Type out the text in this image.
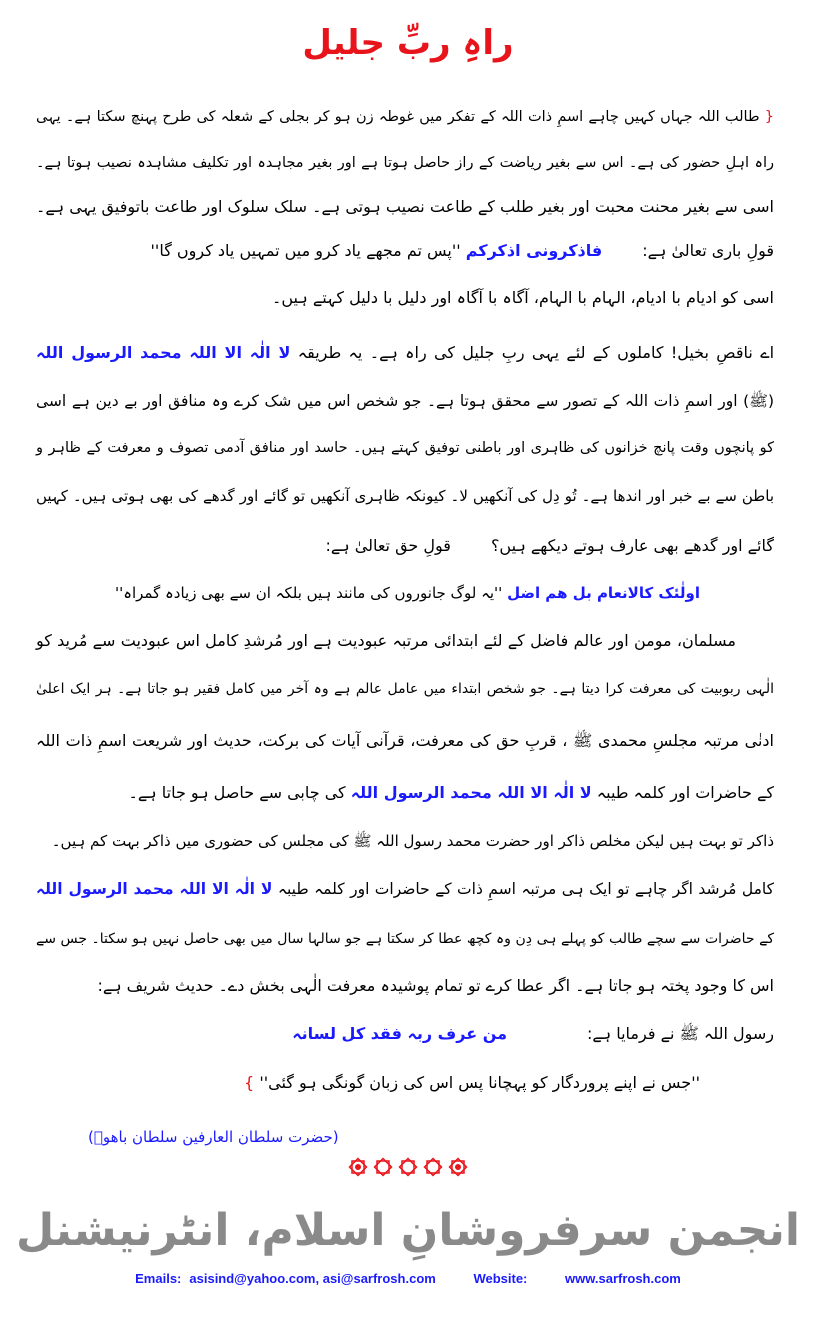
راہِ ربِّ جلیل
{ طالب اللہ جہاں کہیں چاہے اسمِ ذات اللہ کے تفکر میں غوطہ زن ہو کر بجلی کے شعلہ کی طرح پہنچ سکتا ہے۔ یہی
راہ اہلِ حضور کی ہے۔ اس سے بغیر ریاضت کے راز حاصل ہوتا ہے اور بغیر مجاہدہ اور تکلیف مشاہدہ نصیب ہوتا ہے۔
اسی سے بغیر محنت محبت اور بغیر طلب کے طاعت نصیب ہوتی ہے۔ سلک سلوک اور طاعت باتوفیق یہی ہے۔
قولِ باری تعالیٰ ہے:فاذکرونی اذکرکم ''پس تم مجھے یاد کرو میں تمہیں یاد کروں گا''
اسی کو ادیام با ادیام، الہام با الہام، آگاہ با آگاہ اور دلیل با دلیل کہتے ہیں۔
اے ناقصِ بخیل! کاملوں کے لئے یہی ربِ جلیل کی راہ ہے۔ یہ طریقہ لا الٰہ الا اللہ محمد الرسول اللہ
(ﷺ) اور اسمِ ذات اللہ کے تصور سے محقق ہوتا ہے۔ جو شخص اس میں شک کرے وہ منافق اور بے دین ہے اسی
کو پانچوں وقت پانچ خزانوں کی ظاہری اور باطنی توفیق کہتے ہیں۔ حاسد اور منافق آدمی تصوف و معرفت کے ظاہر و
باطن سے بے خبر اور اندھا ہے۔ تُو دِل کی آنکھیں لا۔ کیونکہ ظاہری آنکھیں تو گائے اور گدھے کی بھی ہوتی ہیں۔ کہیں
گائے اور گدھے بھی عارف ہوتے دیکھے ہیں؟قولِ حق تعالیٰ ہے:
اولٰئک کالانعام بل ھم اضل ''یہ لوگ جانوروں کی مانند ہیں بلکہ ان سے بھی زیادہ گمراہ''
مسلمان، مومن اور عالم فاضل کے لئے ابتدائی مرتبہ عبودیت ہے اور مُرشدِ کامل اس عبودیت سے مُرید کو
الٰہی ربوبیت کی معرفت کرا دیتا ہے۔ جو شخص ابتداء میں عامل عالم ہے وہ آخر میں کامل فقیر ہو جاتا ہے۔ ہر ایک اعلیٰ
ادنٰی مرتبہ مجلسِ محمدی ﷺ ، قربِ حق کی معرفت، قرآنی آیات کی برکت، حدیث اور شریعت اسمِ ذات اللہ
کے حاضرات اور کلمہ طیبہ لا الٰہ الا اللہ محمد الرسول اللہ کی چابی سے حاصل ہو جاتا ہے۔
ذاکر تو بہت ہیں لیکن مخلص ذاکر اور حضرت محمد رسول اللہ ﷺ کی مجلس کی حضوری میں ذاکر بہت کم ہیں۔
کامل مُرشد اگر چاہے تو ایک ہی مرتبہ اسمِ ذات کے حاضرات اور کلمہ طیبہ لا الٰہ الا اللہ محمد الرسول اللہ
کے حاضرات سے سچے طالب کو پہلے ہی دِن وہ کچھ عطا کر سکتا ہے جو سالہا سال میں بھی حاصل نہیں ہو سکتا۔ جس سے
اس کا وجود پختہ ہو جاتا ہے۔ اگر عطا کرے تو تمام پوشیدہ معرفت الٰہی بخش دے۔ حدیث شریف ہے:
رسول اللہ ﷺ نے فرمایا ہے:من عرف ربہ فقد کل لسانہ
''جس نے اپنے پروردگار کو پہچانا پس اس کی زبان گونگی ہو گئی'' }
(حضرت سلطان العارفین سلطان باھوؒ)

انجمن سرفروشانِ اسلام، انٹرنیشنل
Emails: asisind@yahoo.com, asi@sarfrosh.com	Website:	www.sarfrosh.com
